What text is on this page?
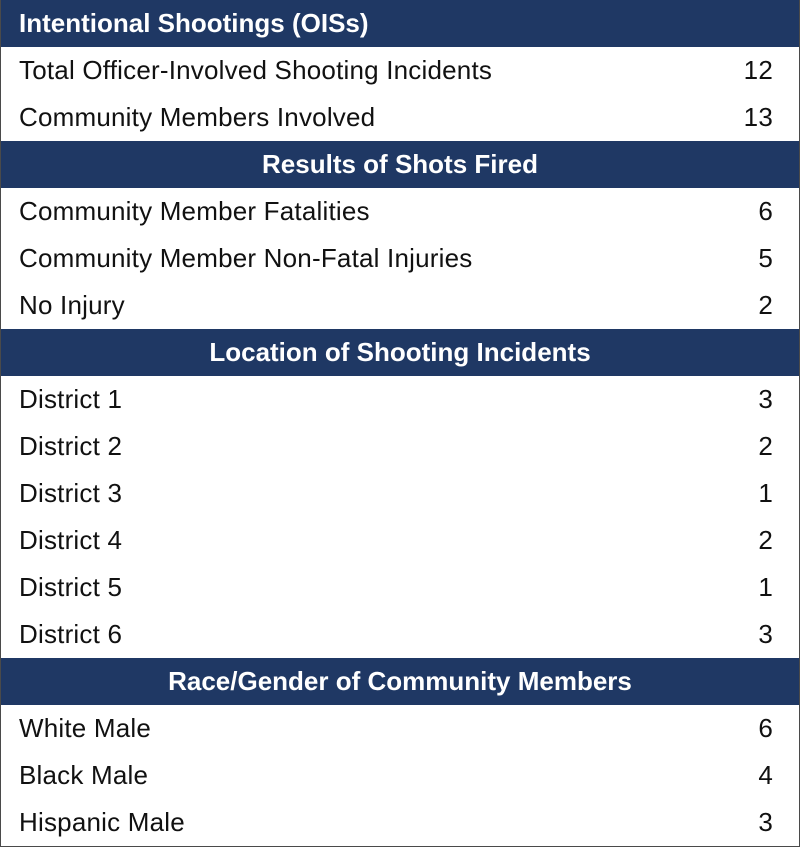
Intentional Shootings (OISs)
Total Officer-Involved Shooting Incidents	12
Community Members Involved	13
Results of Shots Fired
Community Member Fatalities	6
Community Member Non-Fatal Injuries	5
No Injury	2
Location of Shooting Incidents
District 1	3
District 2	2
District 3	1
District 4	2
District 5	1
District 6	3
Race/Gender of Community Members
White Male	6
Black Male	4
Hispanic Male	3
